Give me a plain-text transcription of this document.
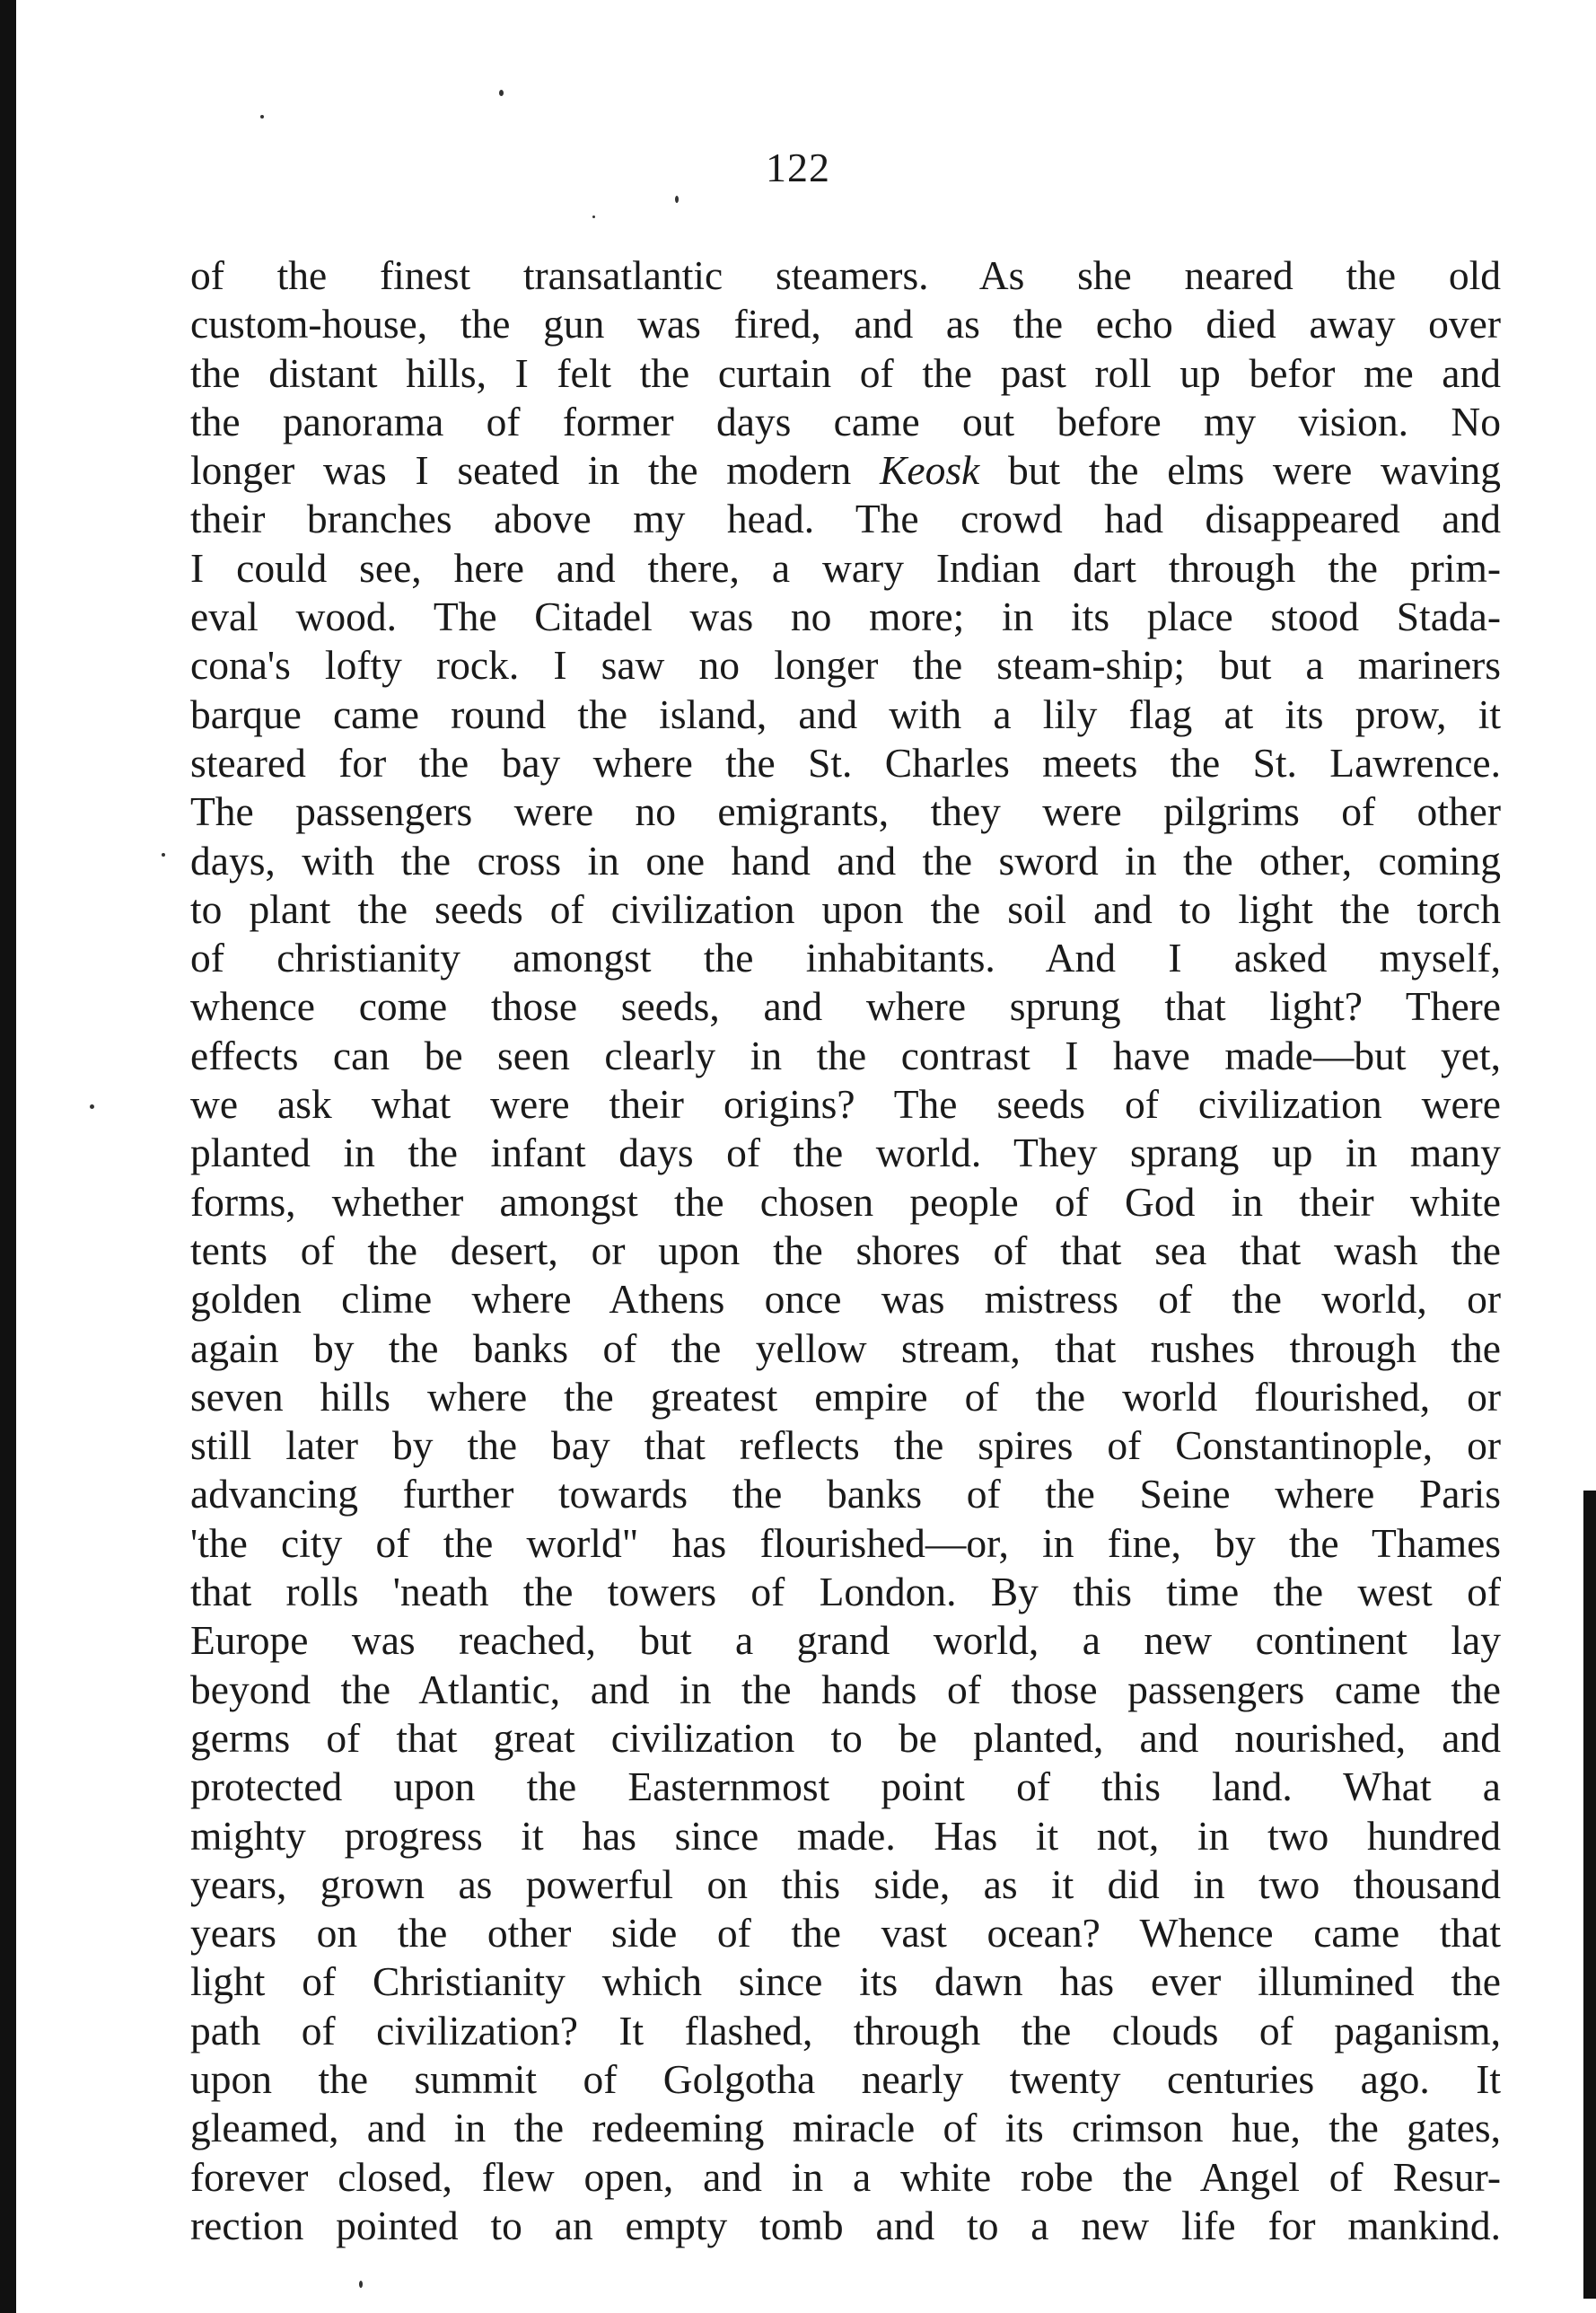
122
of the finest transatlantic steamers. As she neared the old
custom-house, the gun was fired, and as the echo died away over
the distant hills, I felt the curtain of the past roll up befor me and
the panorama of former days came out before my vision. No
longer was I seated in the modern Keosk but the elms were waving
their branches above my head. The crowd had disappeared and
I could see, here and there, a wary Indian dart through the prim-
eval wood. The Citadel was no more; in its place stood Stada-
cona's lofty rock. I saw no longer the steam-ship; but a mariners
barque came round the island, and with a lily flag at its prow, it
steared for the bay where the St. Charles meets the St. Lawrence.
The passengers were no emigrants, they were pilgrims of other
days, with the cross in one hand and the sword in the other, coming
to plant the seeds of civilization upon the soil and to light the torch
of christianity amongst the inhabitants. And I asked myself,
whence come those seeds, and where sprung that light? There
effects can be seen clearly in the contrast I have made—but yet,
we ask what were their origins? The seeds of civilization were
planted in the infant days of the world. They sprang up in many
forms, whether amongst the chosen people of God in their white
tents of the desert, or upon the shores of that sea that wash the
golden clime where Athens once was mistress of the world, or
again by the banks of the yellow stream, that rushes through the
seven hills where the greatest empire of the world flourished, or
still later by the bay that reflects the spires of Constantinople, or
advancing further towards the banks of the Seine where Paris
'the city of the world" has flourished—or, in fine, by the Thames
that rolls 'neath the towers of London. By this time the west of
Europe was reached, but a grand world, a new continent lay
beyond the Atlantic, and in the hands of those passengers came the
germs of that great civilization to be planted, and nourished, and
protected upon the Easternmost point of this land. What a
mighty progress it has since made. Has it not, in two hundred
years, grown as powerful on this side, as it did in two thousand
years on the other side of the vast ocean? Whence came that
light of Christianity which since its dawn has ever illumined the
path of civilization? It flashed, through the clouds of paganism,
upon the summit of Golgotha nearly twenty centuries ago. It
gleamed, and in the redeeming miracle of its crimson hue, the gates,
forever closed, flew open, and in a white robe the Angel of Resur-
rection pointed to an empty tomb and to a new life for mankind.
